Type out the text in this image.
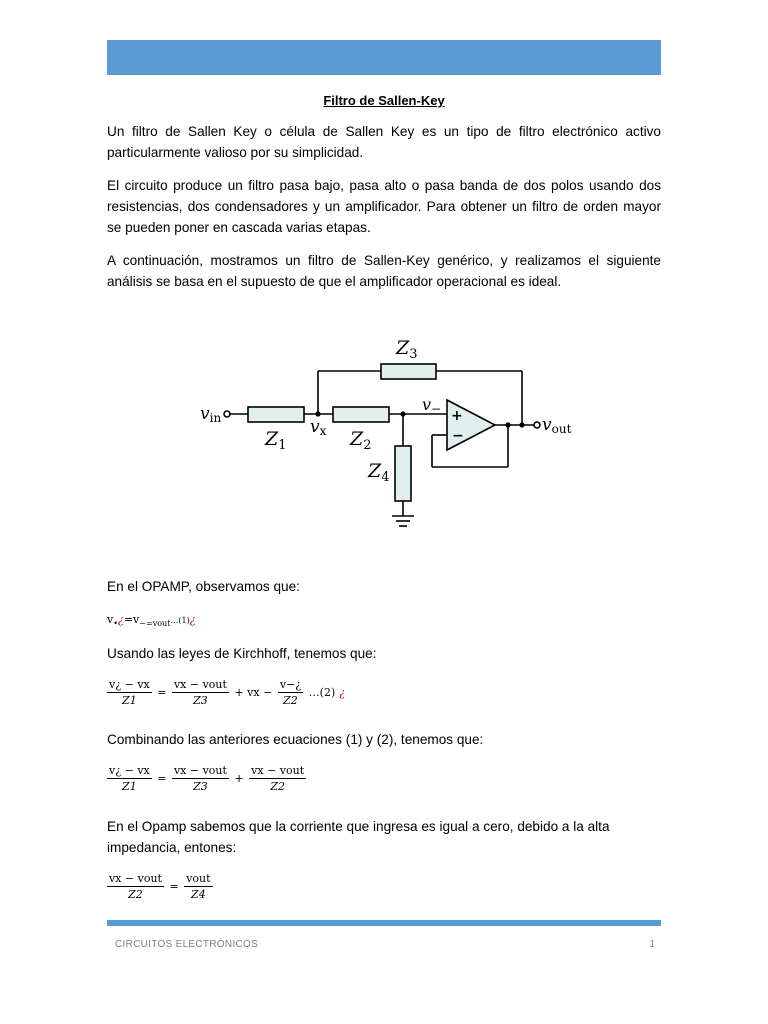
Filtro de Sallen-Key
Un filtro de Sallen Key o célula de Sallen Key es un tipo de filtro electrónico activo particularmente valioso por su simplicidad.
El circuito produce un filtro pasa bajo, pasa alto o pasa banda de dos polos usando dos resistencias, dos condensadores y un amplificador. Para obtener un filtro de orden mayor se pueden poner en cascada varias etapas.
A continuación, mostramos un filtro de Sallen-Key genérico, y realizamos el siguiente análisis se basa en el supuesto de que el amplificador operacional es ideal.
vin
$Z_1$
vx $Z_2$
$Z_3$
$Z_4$
v−
vout
+
−
En el OPAMP, observamos que:
$v_•¿=v_{-=vout}\dots(1)¿$
Usando las leyes de Kirchhoff, tenemos que:
$\frac{v¿ - vx}{Z1} = \frac{\text{vx − vout}}{Z3}$ + vx − $\frac{v-¿}{Z2}$ …(2) ¿
Combinando las anteriores ecuaciones (1) y (2), tenemos que:
$\frac{v¿ - vx}{Z1} = \frac{\text{vx − vout}}{Z3} + \frac{\text{vx − vout}}{Z2}$
En el Opamp sabemos que la corriente que ingresa es igual a cero, debido a la alta impedancia, entones:
$\frac{\text{vx − vout}}{Z2} = \frac{\text{vout}}{Z4}$
CIRCUITOS ELECTRÓNICOS	1
